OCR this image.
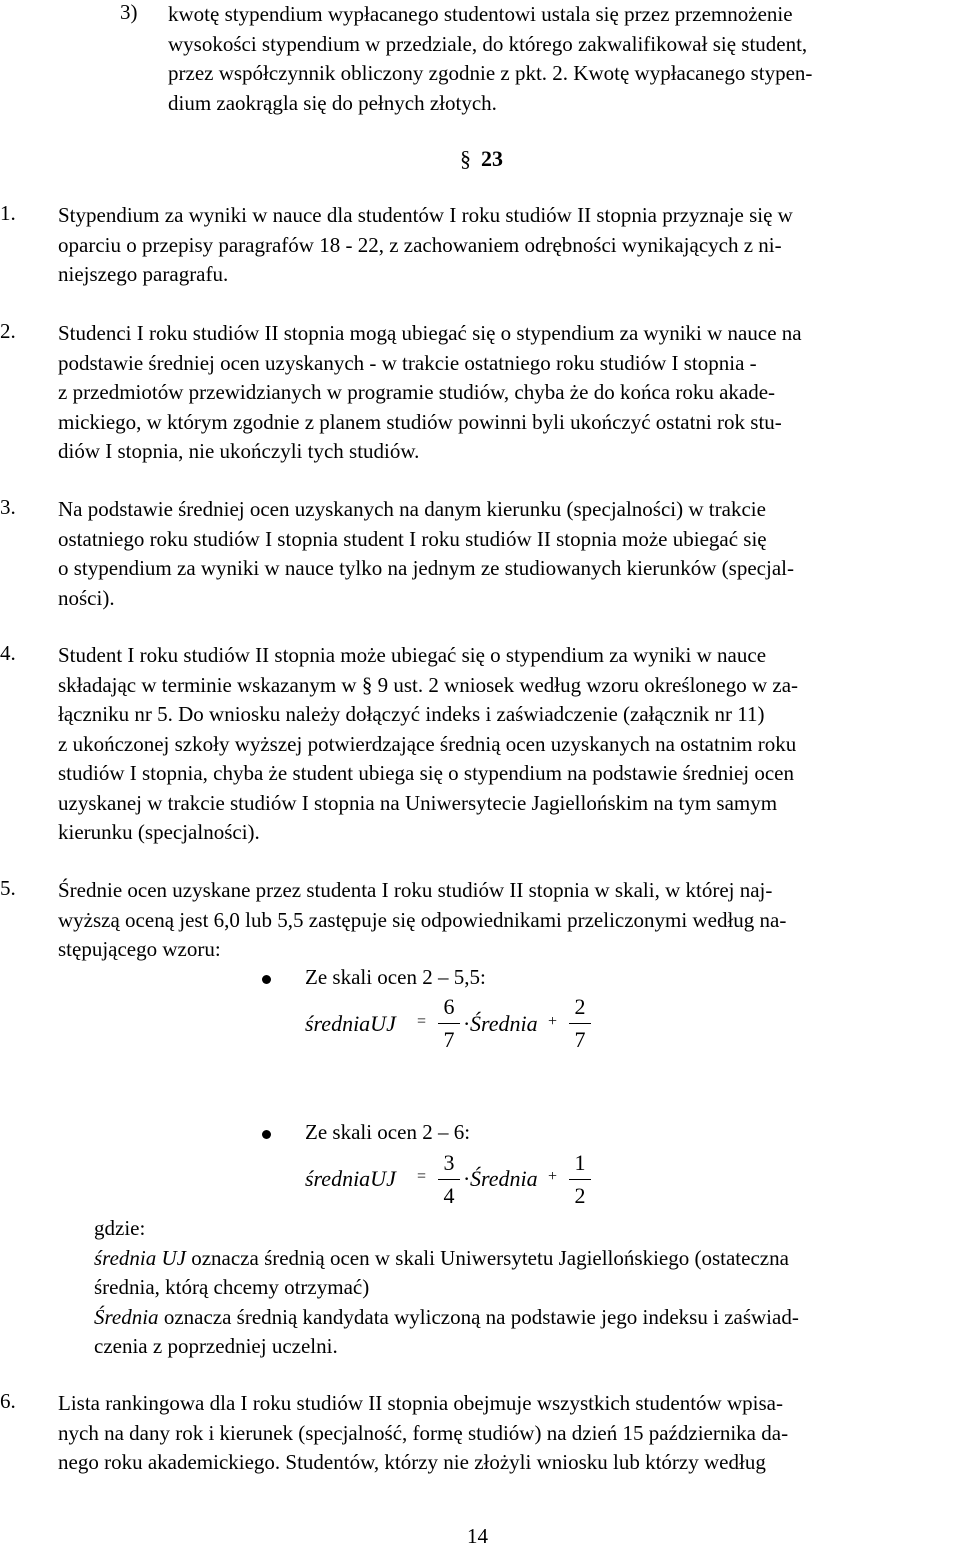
3) kwotę stypendium wypłacanego studentowi ustala się przez przemnożenie
wysokości stypendium w przedziale, do którego zakwalifikował się student,
przez współczynnik obliczony zgodnie z pkt. 2. Kwotę wypłacanego stypen-
dium zaokrągla się do pełnych złotych.
§ 23
1. Stypendium za wyniki w nauce dla studentów I roku studiów II stopnia przyznaje się w
oparciu o przepisy paragrafów 18 - 22, z zachowaniem odrębności wynikających z ni-
niejszego paragrafu.
2. Studenci I roku studiów II stopnia mogą ubiegać się o stypendium za wyniki w nauce na
podstawie średniej ocen uzyskanych - w trakcie ostatniego roku studiów I stopnia -
z przedmiotów przewidzianych w programie studiów, chyba że do końca roku akade-
mickiego, w którym zgodnie z planem studiów powinni byli ukończyć ostatni rok stu-
diów I stopnia, nie ukończyli tych studiów.
3. Na podstawie średniej ocen uzyskanych na danym kierunku (specjalności) w trakcie
ostatniego roku studiów I stopnia student I roku studiów II stopnia może ubiegać się
o stypendium za wyniki w nauce tylko na jednym ze studiowanych kierunków (specjal-
ności).
4. Student I roku studiów II stopnia może ubiegać się o stypendium za wyniki w nauce
składając w terminie wskazanym w § 9 ust. 2 wniosek według wzoru określonego w za-
łączniku nr 5. Do wniosku należy dołączyć indeks i zaświadczenie (załącznik nr 11)
z ukończonej szkoły wyższej potwierdzające średnią ocen uzyskanych na ostatnim roku
studiów I stopnia, chyba że student ubiega się o stypendium na podstawie średniej ocen
uzyskanej w trakcie studiów I stopnia na Uniwersytecie Jagiellońskim na tym samym
kierunku (specjalności).
5. Średnie ocen uzyskane przez studenta I roku studiów II stopnia w skali, w której naj-
wyższą oceną jest 6,0 lub 5,5 zastępuje się odpowiednikami przeliczonymi według na-
stępującego wzoru:
Ze skali ocen 2 – 5,5:
średniaUJ =
6
7
· Średnia +
2
7
Ze skali ocen 2 – 6:
średniaUJ =
3
4
· Średnia +
1
2
gdzie:
średnia UJ oznacza średnią ocen w skali Uniwersytetu Jagiellońskiego (ostateczna
średnia, którą chcemy otrzymać)
Średnia oznacza średnią kandydata wyliczoną na podstawie jego indeksu i zaświad-
czenia z poprzedniej uczelni.
6. Lista rankingowa dla I roku studiów II stopnia obejmuje wszystkich studentów wpisa-
nych na dany rok i kierunek (specjalność, formę studiów) na dzień 15 października da-
nego roku akademickiego. Studentów, którzy nie złożyli wniosku lub którzy według
14
